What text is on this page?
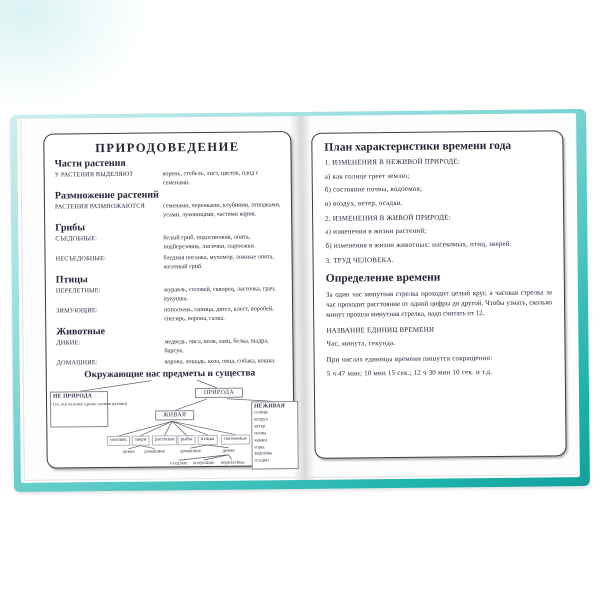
ПРИРОДОВЕДЕНИЕ
Части растения
У РАСТЕНИЯ ВЫДЕЛЯЮТ	корень, стебель, лист, цветок, плод с семенами.
Размножение растений
РАСТЕНИЯ РАЗМНОЖАЮТСЯ	семенами, черенками, клубнями, отводками, усами, луковицами, частями корня.
Грибы
СЪЕДОБНЫЕ:	белый гриб, подосиновик, опята, подберезовик, лисички, сыроежки.
НЕСЪЕДОБНЫЕ:	бледная поганка, мухомор, ложные опята, желчный гриб.
Птицы
ПЕРЕЛЕТНЫЕ:	журавль, соловей, скворец, ласточка, грач, кукушка.
ЗИМУЮЩИЕ:	поползень, синица, дятел, клест, воробей, снегирь, ворона, галка.
Животные
ДИКИЕ:	медведь, лиса, волк, заяц, белка, выдра, барсук.
ДОМАШНИЕ:	корова, лошадь, коза, овца, собака, кошка.
Окружающие нас предметы и существа
НЕ ПРИРОДА
(то, что человек сделал своими руками)
ПРИРОДА
ЖИВАЯ
НЕЖИВАЯ
солнце
воздух
ветер
почва
камни
горы
водоемы
осадки
человек	звери	растения	рыбы	птицы	насекомые
дикие домашние	домашние	дикие
оседлые кочующие перелетные
План характеристики времени года
1. ИЗМЕНЕНИЯ В НЕЖИВОЙ ПРИРОДЕ:
а) как солнце греет землю;
б) состояние почвы, водоемов;
в) воздух, ветер, осадки.
2. ИЗМЕНЕНИЯ В ЖИВОЙ ПРИРОДЕ:
а) изменения в жизни растений;
б) изменения в жизни животных: насекомых, птиц, зверей.
3. ТРУД ЧЕЛОВЕКА.
Определение времени
За один час минутная стрелка проходит целый круг, а часовая стрелка за час проходит расстояние от одной цифры до другой. Чтобы узнать, сколько минут прошла минутная стрелка, надо считать от 12.
НАЗВАНИЕ ЕДИНИЦ ВРЕМЕНИ
Час, минута, секунда.
При числах единицы времени пишутся сокращенно:
5 ч 47 мин; 10 мин 15 сек.; 12 ч 30 мин 10 сек. и т.д.
